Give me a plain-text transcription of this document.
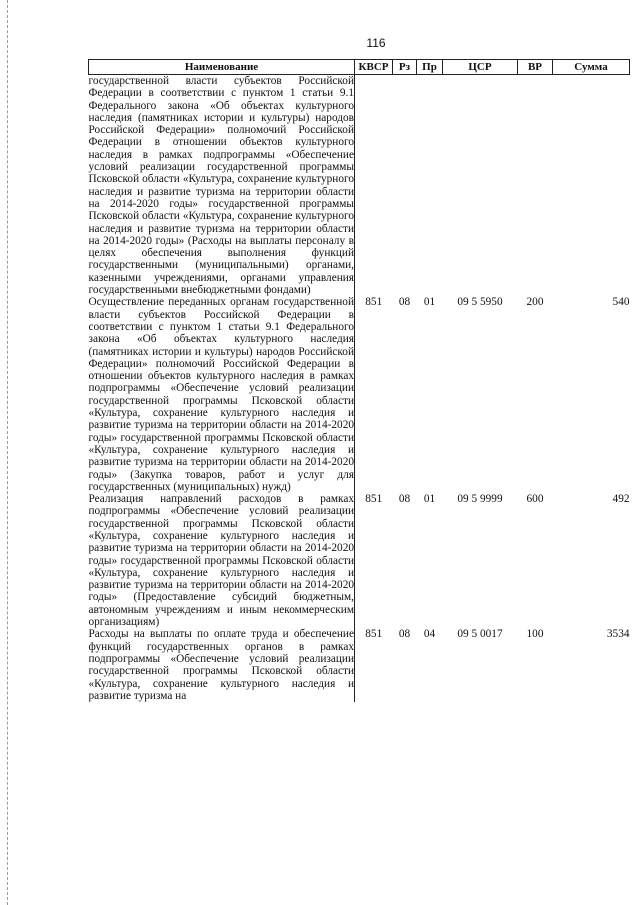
116
Наименование	КВСР	Рз	Пр	ЦСР	ВР	Сумма

государственной власти субъектов Российской Федерации в соответствии с пунктом 1 статьи 9.1 Федерального закона «Об объектах культурного наследия (памятниках истории и культуры) народов Российской Федерации» полномочий Российской Федерации в отношении объектов культурного наследия в рамках подпрограммы «Обеспечение условий реализации государственной программы Псковской области «Культура, сохранение культурного наследия и развитие туризма на территории области на 2014-2020 годы» государственной программы Псковской области «Культура, сохранение культурного наследия и развитие туризма на территории области на 2014-2020 годы» (Расходы на выплаты персоналу в целях обеспечения выполнения функций государственными (муниципальными) органами, казенными учреждениями, органами управления государственными внебюджетными фондами)						

Осуществление переданных органам государственной власти субъектов Российской Федерации в соответствии с пунктом 1 статьи 9.1 Федерального закона «Об объектах культурного наследия (памятниках истории и культуры) народов Российской Федерации» полномочий Российской Федерации в отношении объектов культурного наследия в рамках подпрограммы «Обеспечение условий реализации государственной программы Псковской области «Культура, сохранение культурного наследия и развитие туризма на территории области на 2014-2020 годы» государственной программы Псковской области «Культура, сохранение культурного наследия и развитие туризма на территории области на 2014-2020 годы» (Закупка товаров, работ и услуг для государственных (муниципальных) нужд)	851	08	01	09 5 5950	200	540

Реализация направлений расходов в рамках подпрограммы «Обеспечение условий реализации государственной программы Псковской области «Культура, сохранение культурного наследия и развитие туризма на территории области на 2014-2020 годы» государственной программы Псковской области «Культура, сохранение культурного наследия и развитие туризма на территории области на 2014-2020 годы» (Предоставление субсидий бюджетным, автономным учреждениям и иным некоммерческим организациям)	851	08	01	09 5 9999	600	492

Расходы на выплаты по оплате труда и обеспечение функций государственных органов в рамках подпрограммы «Обеспечение условий реализации государственной программы Псковской области «Культура, сохранение культурного наследия и развитие туризма на	851	08	04	09 5 0017	100	3534
